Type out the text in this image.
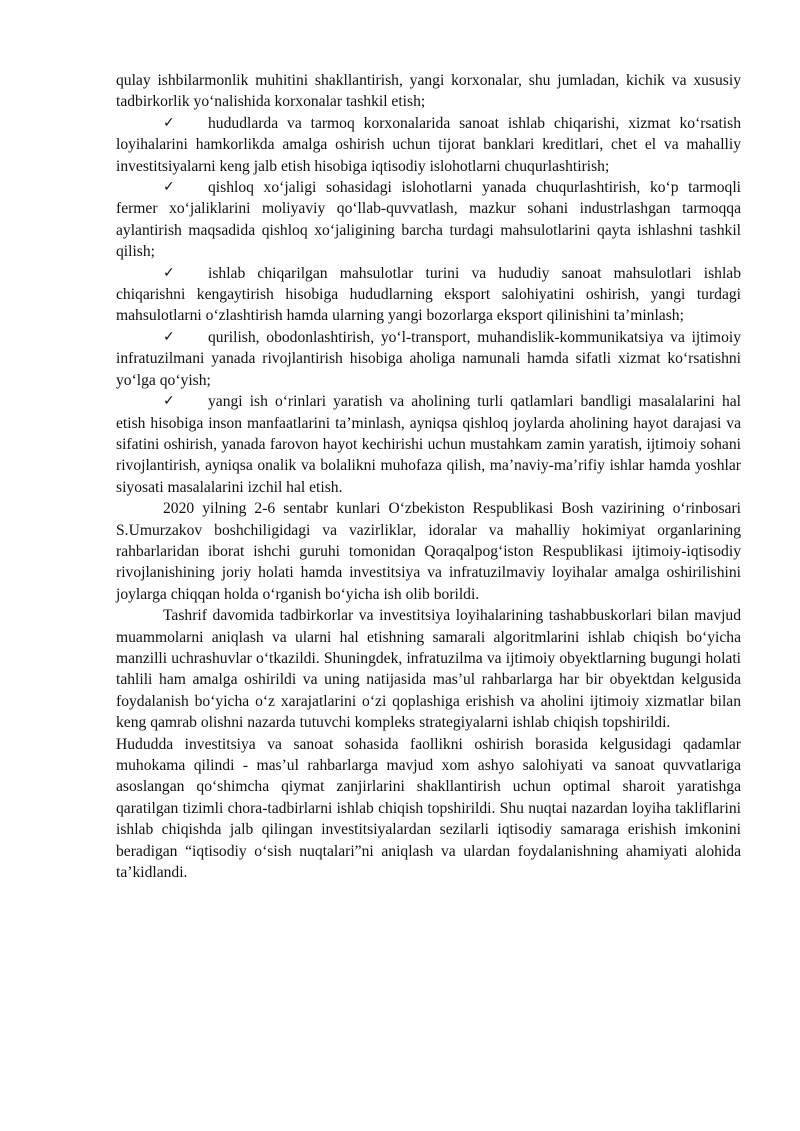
qulay ishbilarmonlik muhitini shakllantirish, yangi korxonalar, shu jumladan, kichik va xususiy tadbirkorlik yo‘nalishida korxonalar tashkil etish;

✓ hududlarda va tarmoq korxonalarida sanoat ishlab chiqarishi, xizmat ko‘rsatish loyihalarini hamkorlikda amalga oshirish uchun tijorat banklari kreditlari, chet el va mahalliy investitsiyalarni keng jalb etish hisobiga iqtisodiy islohotlarni chuqurlashtirish;

✓ qishloq xo‘jaligi sohasidagi islohotlarni yanada chuqurlashtirish, ko‘p tarmoqli fermer xo‘jaliklarini moliyaviy qo‘llab-quvvatlash, mazkur sohani industrlashgan tarmoqqa aylantirish maqsadida qishloq xo‘jaligining barcha turdagi mahsulotlarini qayta ishlashni tashkil qilish;

✓ ishlab chiqarilgan mahsulotlar turini va hududiy sanoat mahsulotlari ishlab chiqarishni kengaytirish hisobiga hududlarning eksport salohiyatini oshirish, yangi turdagi mahsulotlarni o‘zlashtirish hamda ularning yangi bozorlarga eksport qilinishini ta’minlash;

✓ qurilish, obodonlashtirish, yo‘l-transport, muhandislik-kommunikatsiya va ijtimoiy infratuzilmani yanada rivojlantirish hisobiga aholiga namunali hamda sifatli xizmat ko‘rsatishni yo‘lga qo‘yish;

✓ yangi ish o‘rinlari yaratish va aholining turli qatlamlari bandligi masalalarini hal etish hisobiga inson manfaatlarini ta’minlash, ayniqsa qishloq joylarda aholining hayot darajasi va sifatini oshirish, yanada farovon hayot kechirishi uchun mustahkam zamin yaratish, ijtimoiy sohani rivojlantirish, ayniqsa onalik va bolalikni muhofaza qilish, ma’naviy-ma’rifiy ishlar hamda yoshlar siyosati masalalarini izchil hal etish.

2020 yilning 2-6 sentabr kunlari O‘zbekiston Respublikasi Bosh vazirining o‘rinbosari S.Umurzakov boshchiligidagi va vazirliklar, idoralar va mahalliy hokimiyat organlarining rahbarlaridan iborat ishchi guruhi tomonidan Qoraqalpog‘iston Respublikasi ijtimoiy-iqtisodiy rivojlanishining joriy holati hamda investitsiya va infratuzilmaviy loyihalar amalga oshirilishini joylarga chiqqan holda o‘rganish bo‘yicha ish olib borildi.

Tashrif davomida tadbirkorlar va investitsiya loyihalarining tashabbuskorlari bilan mavjud muammolarni aniqlash va ularni hal etishning samarali algoritmlarini ishlab chiqish bo‘yicha manzilli uchrashuvlar o‘tkazildi. Shuningdek, infratuzilma va ijtimoiy obyektlarning bugungi holati tahlili ham amalga oshirildi va uning natijasida mas’ul rahbarlarga har bir obyektdan kelgusida foydalanish bo‘yicha o‘z xarajatlarini o‘zi qoplashiga erishish va aholini ijtimoiy xizmatlar bilan keng qamrab olishni nazarda tutuvchi kompleks strategiyalarni ishlab chiqish topshirildi.

Hududda investitsiya va sanoat sohasida faollikni oshirish borasida kelgusidagi qadamlar muhokama qilindi - mas’ul rahbarlarga mavjud xom ashyo salohiyati va sanoat quvvatlariga asoslangan qo‘shimcha qiymat zanjirlarini shakllantirish uchun optimal sharoit yaratishga qaratilgan tizimli chora-tadbirlarni ishlab chiqish topshirildi. Shu nuqtai nazardan loyiha takliflarini ishlab chiqishda jalb qilingan investitsiyalardan sezilarli iqtisodiy samaraga erishish imkonini beradigan “iqtisodiy o‘sish nuqtalari”ni aniqlash va ulardan foydalanishning ahamiyati alohida ta’kidlandi.
